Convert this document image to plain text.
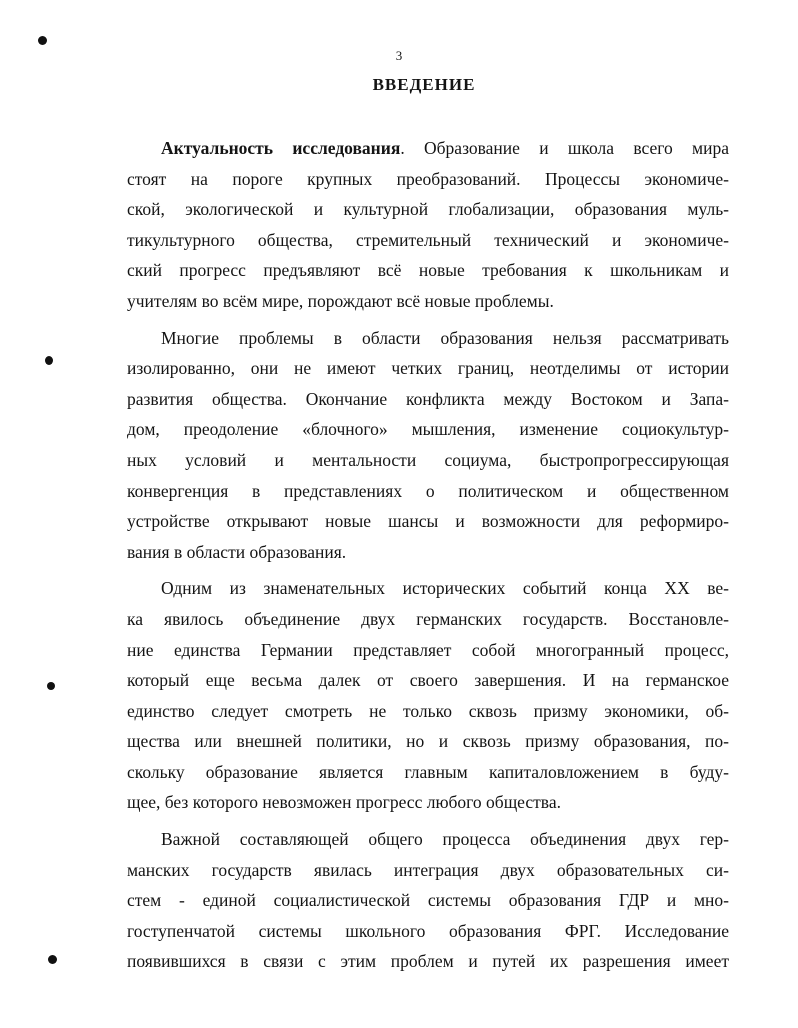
3
ВВЕДЕНИЕ
Актуальность исследования. Образование и школа всего мира
стоят на пороге крупных преобразований. Процессы экономиче-
ской, экологической и культурной глобализации, образования муль-
тикультурного общества, стремительный технический и экономиче-
ский прогресс предъявляют всё новые требования к школьникам и
учителям во всём мире, порождают всё новые проблемы.
Многие проблемы в области образования нельзя рассматривать
изолированно, они не имеют четких границ, неотделимы от истории
развития общества. Окончание конфликта между Востоком и Запа-
дом, преодоление «блочного» мышления, изменение социокультур-
ных условий и ментальности социума, быстропрогрессирующая
конвергенция в представлениях о политическом и общественном
устройстве открывают новые шансы и возможности для реформиро-
вания в области образования.
Одним из знаменательных исторических событий конца XX ве-
ка явилось объединение двух германских государств. Восстановле-
ние единства Германии представляет собой многогранный процесс,
который еще весьма далек от своего завершения. И на германское
единство следует смотреть не только сквозь призму экономики, об-
щества или внешней политики, но и сквозь призму образования, по-
скольку образование является главным капиталовложением в буду-
щее, без которого невозможен прогресс любого общества.
Важной составляющей общего процесса объединения двух гер-
манских государств явилась интеграция двух образовательных си-
стем - единой социалистической системы образования ГДР и мно-
гоступенчатой системы школьного образования ФРГ. Исследование
появившихся в связи с этим проблем и путей их разрешения имеет
